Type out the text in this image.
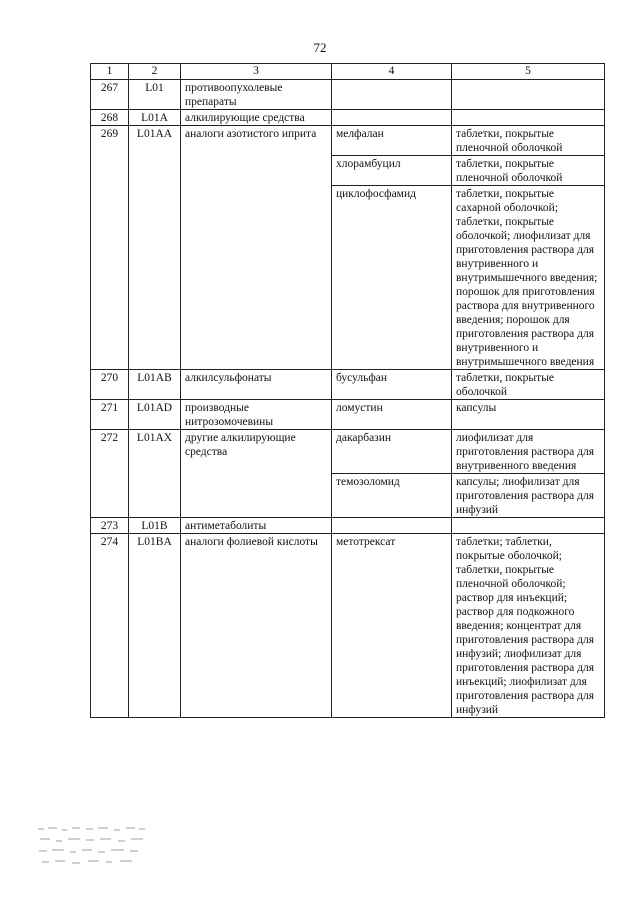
72
1	2	3	4	5
267	L01	противоопухолевые препараты		
268	L01A	алкилирующие средства		
269	L01AA	аналоги азотистого иприта	мелфалан	таблетки, покрытые пленочной оболочкой
			хлорамбуцил	таблетки, покрытые пленочной оболочкой
			циклофосфамид	таблетки, покрытые сахарной оболочкой; таблетки, покрытые оболочкой; лиофилизат для приготовления раствора для внутривенного и внутримышечного введения; порошок для приготовления раствора для внутривенного введения; порошок для приготовления раствора для внутривенного и внутримышечного введения
270	L01AB	алкилсульфонаты	бусульфан	таблетки, покрытые оболочкой
271	L01AD	производные нитрозомочевины	ломустин	капсулы
272	L01AX	другие алкилирующие средства	дакарбазин	лиофилизат для приготовления раствора для внутривенного введения
			темозоломид	капсулы; лиофилизат для приготовления раствора для инфузий
273	L01B	антиметаболиты		
274	L01BA	аналоги фолиевой кислоты	метотрексат	таблетки; таблетки, покрытые оболочкой; таблетки, покрытые пленочной оболочкой; раствор для инъекций; раствор для подкожного введения; концентрат для приготовления раствора для инфузий; лиофилизат для приготовления раствора для инъекций; лиофилизат для приготовления раствора для инфузий
